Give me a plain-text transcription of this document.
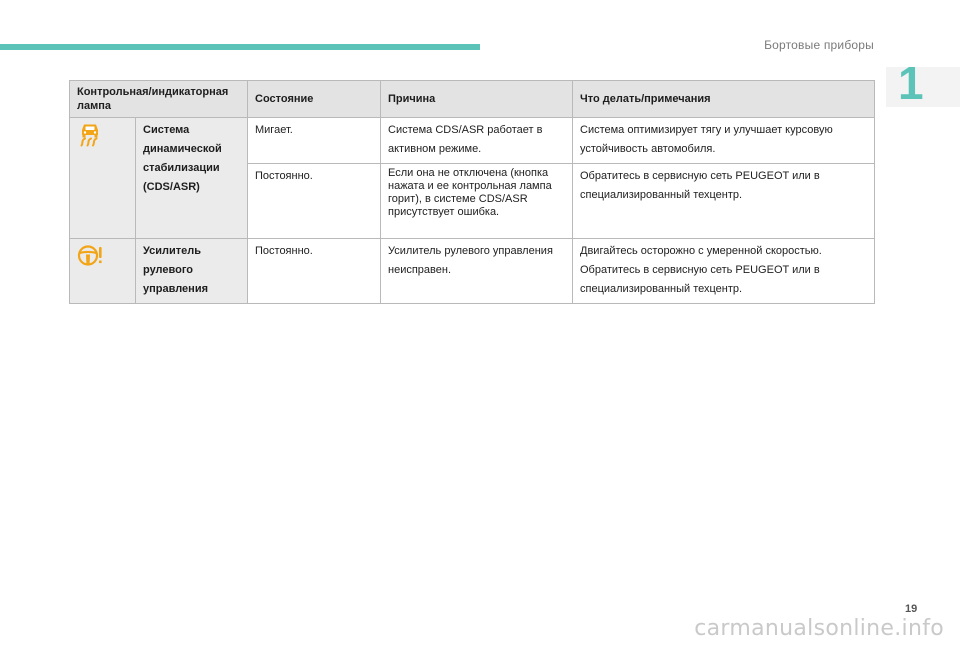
Бортовые приборы
1
Контрольная/индикаторная лампа		Состояние	Причина	Что делать/примечания
	Система динамической стабилизации (CDS/ASR)	Мигает.	Система CDS/ASR работает в активном режиме.	Система оптимизирует тягу и улучшает курсовую устойчивость автомобиля.
		Постоянно.	Если она не отключена (кнопка нажата и ее контрольная лампа горит), в системе CDS/ASR присутствует ошибка.	Обратитесь в сервисную сеть PEUGEOT или в специализированный техцентр.
	Усилитель рулевого управления	Постоянно.	Усилитель рулевого управления неисправен.	Двигайтесь осторожно с умеренной скоростью. Обратитесь в сервисную сеть PEUGEOT или в специализированный техцентр.
19
carmanualsonline.info
